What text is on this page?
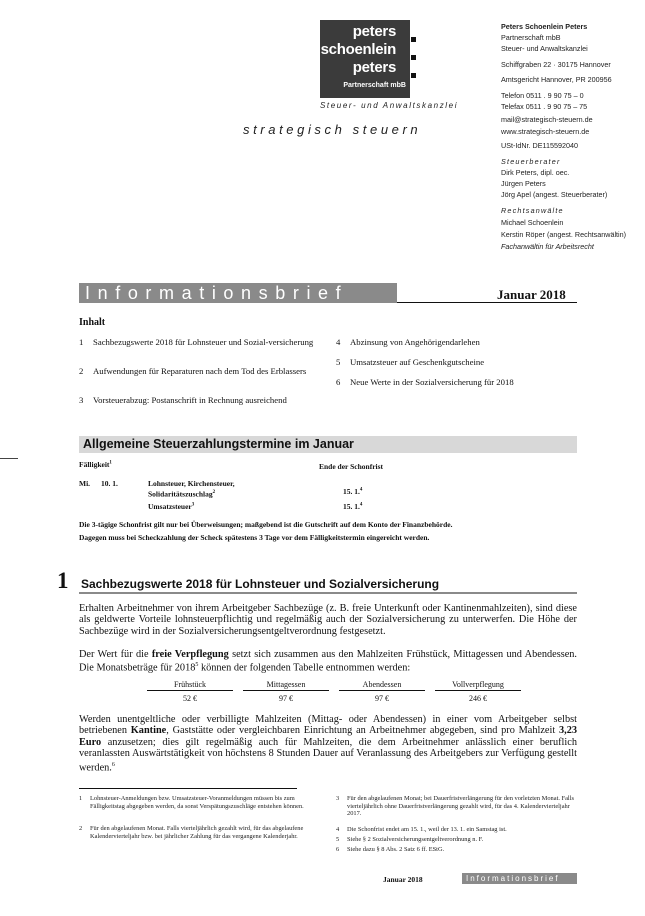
peters
schoenlein
peters
Partnerschaft mbB
Steuer- und Anwaltskanzlei
strategisch steuern
Peters Schoenlein Peters
Partnerschaft mbB
Steuer- und Anwaltskanzlei
Schiffgraben 22 · 30175 Hannover
Amtsgericht Hannover, PR 200956
Telefon 0511 . 9 90 75 – 0
Telefax 0511 . 9 90 75 – 75
mail@strategisch-steuern.de
www.strategisch-steuern.de
USt-IdNr. DE115592040
Steuerberater
Dirk Peters, dipl. oec.
Jürgen Peters
Jörg Apel (angest. Steuerberater)
Rechtsanwälte
Michael Schoenlein
Kerstin Röper (angest. Rechtsanwältin)
Fachanwältin für Arbeitsrecht
Informationsbrief	Januar 2018
Inhalt
1 Sachbezugswerte 2018 für Lohnsteuer und Sozial-versicherung
2 Aufwendungen für Reparaturen nach dem Tod des Erblassers
3 Vorsteuerabzug: Postanschrift in Rechnung ausreichend
4 Abzinsung von Angehörigendarlehen
5 Umsatzsteuer auf Geschenkgutscheine
6 Neue Werte in der Sozialversicherung für 2018
Allgemeine Steuerzahlungstermine im Januar
Fälligkeit$^1$	Ende der Schonfrist
Mi. 10. 1.	Lohnsteuer, Kirchensteuer,
Solidaritätszuschlag$^2$	15. 1.$^4$
Umsatzsteuer$^3$	15. 1.$^4$
Die 3-tägige Schonfrist gilt nur bei Überweisungen; maßgebend ist die Gutschrift auf dem Konto der Finanzbehörde.
Dagegen muss bei Scheckzahlung der Scheck spätestens 3 Tage vor dem Fälligkeitstermin eingereicht werden.
1 Sachbezugswerte 2018 für Lohnsteuer und Sozialversicherung
Erhalten Arbeitnehmer von ihrem Arbeitgeber Sachbezüge (z. B. freie Unterkunft oder Kantinenmahlzeiten), sind diese als geldwerte Vorteile lohnsteuerpflichtig und regelmäßig auch der Sozialversicherung zu unterwerfen. Die Höhe der Sachbezüge wird in der Sozialversicherungsentgeltverordnung festgesetzt.
Der Wert für die freie Verpflegung setzt sich zusammen aus den Mahlzeiten Frühstück, Mittagessen und Abendessen. Die Monatsbeträge für 2018$^5$ können der folgenden Tabelle entnommen werden:
Frühstück	Mittagessen	Abendessen	Vollverpflegung
52 €	97 €	97 €	246 €
Werden unentgeltliche oder verbilligte Mahlzeiten (Mittag- oder Abendessen) in einer vom Arbeitgeber selbst betriebenen Kantine, Gaststätte oder vergleichbaren Einrichtung an Arbeitnehmer abgegeben, sind pro Mahlzeit 3,23 Euro anzusetzen; dies gilt regelmäßig auch für Mahlzeiten, die dem Arbeitnehmer anlässlich einer beruflich veranlassten Auswärtstätigkeit von höchstens 8 Stunden Dauer auf Veranlassung des Arbeitgebers zur Verfügung gestellt werden.$^6$
1 Lohnsteuer-Anmeldungen bzw. Umsatzsteuer-Voranmeldungen müssen bis zum Fälligkeitstag abgegeben werden, da sonst Verspätungszuschläge entstehen können.
2 Für den abgelaufenen Monat. Falls vierteljährlich gezahlt wird, für das abgelaufene Kalendervierteljahr bzw. bei jährlicher Zahlung für das vergangene Kalenderjahr.
3 Für den abgelaufenen Monat; bei Dauerfristverlängerung für den vorletzten Monat. Falls vierteljährlich ohne Dauerfristverlängerung gezahlt wird, für das 4. Kalendervierteljahr 2017.
4 Die Schonfrist endet am 15. 1., weil der 13. 1. ein Samstag ist.
5 Siehe § 2 Sozialversicherungsentgeltverordnung n. F.
6 Siehe dazu § 8 Abs. 2 Satz 6 ff. EStG.
Januar 2018	Informationsbrief
